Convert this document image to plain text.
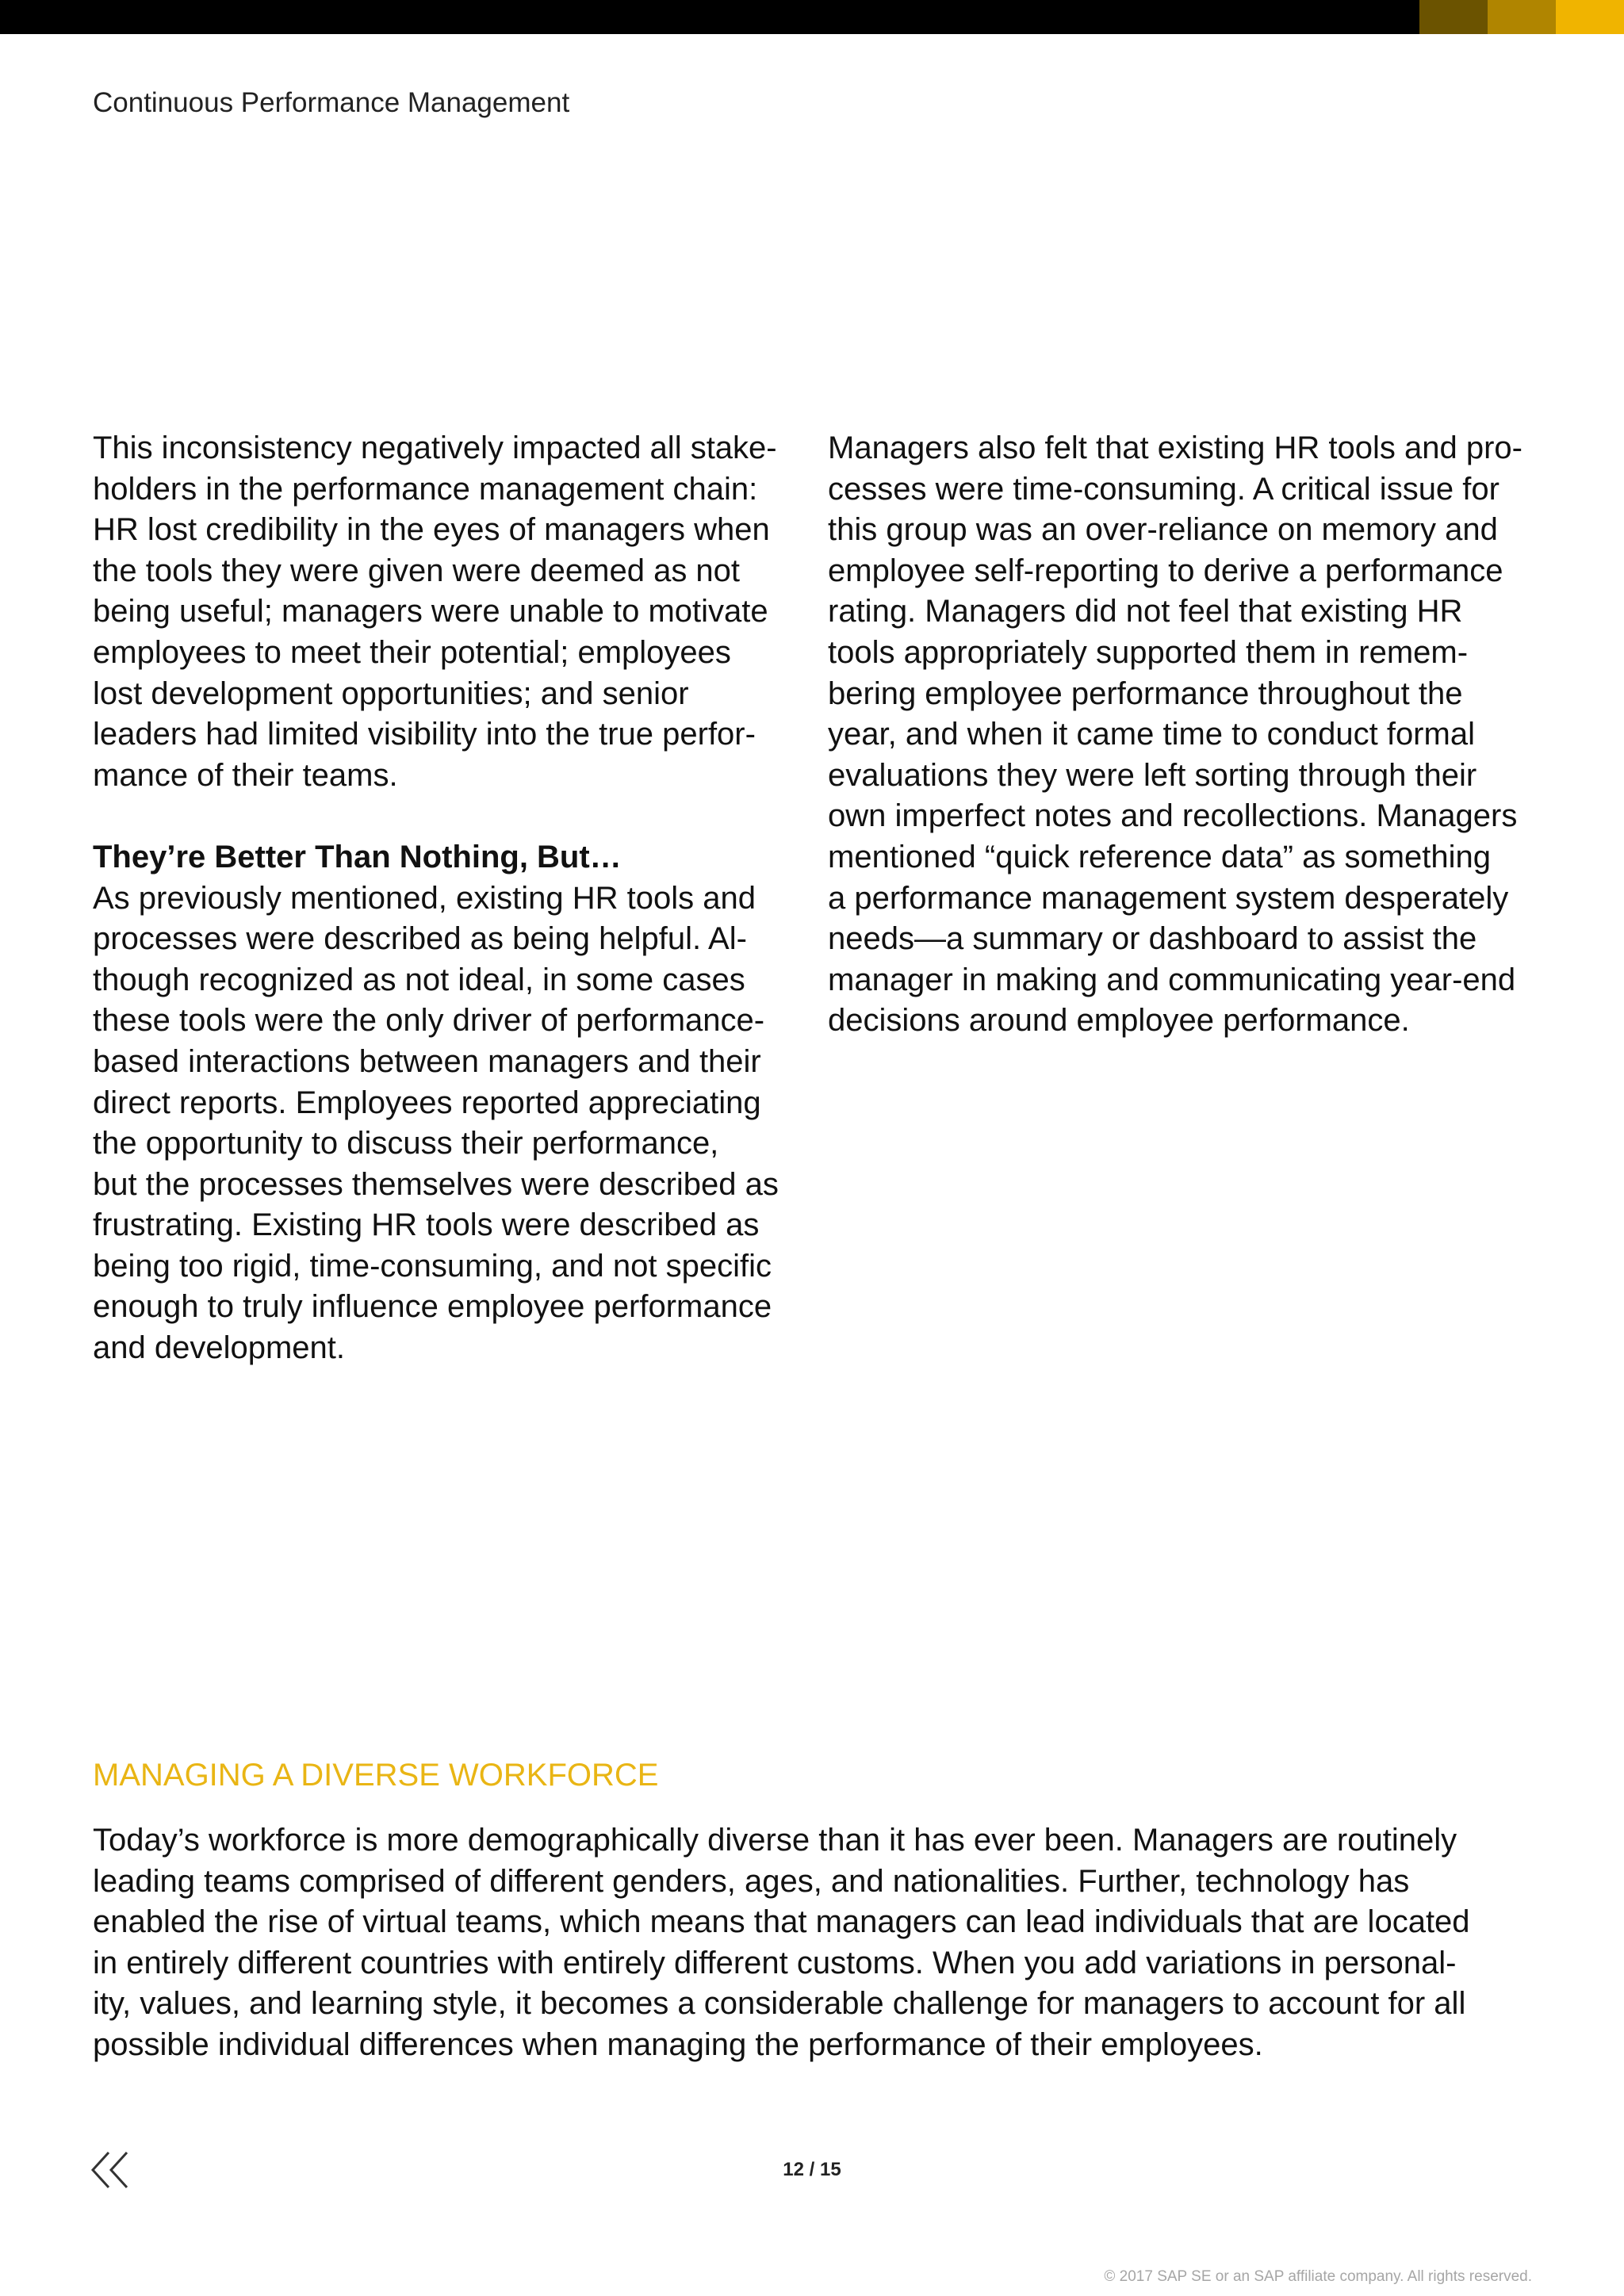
Continuous Performance Management
This inconsistency negatively impacted all stake-
holders in the performance management chain:
HR lost credibility in the eyes of managers when
the tools they were given were deemed as not
being useful; managers were unable to motivate
employees to meet their potential; employees
lost development opportunities; and senior
leaders had limited visibility into the true perfor-
mance of their teams.
They’re Better Than Nothing, But…
As previously mentioned, existing HR tools and
processes were described as being helpful. Al-
though recognized as not ideal, in some cases
these tools were the only driver of performance-
based interactions between managers and their
direct reports. Employees reported appreciating
the opportunity to discuss their performance,
but the processes themselves were described as
frustrating. Existing HR tools were described as
being too rigid, time-consuming, and not specific
enough to truly influence employee performance
and development.
Managers also felt that existing HR tools and pro-
cesses were time-consuming. A critical issue for
this group was an over-reliance on memory and
employee self-reporting to derive a performance
rating. Managers did not feel that existing HR
tools appropriately supported them in remem-
bering employee performance throughout the
year, and when it came time to conduct formal
evaluations they were left sorting through their
own imperfect notes and recollections. Managers
mentioned “quick reference data” as something
a performance management system desperately
needs—a summary or dashboard to assist the
manager in making and communicating year-end
decisions around employee performance.
MANAGING A DIVERSE WORKFORCE
Today’s workforce is more demographically diverse than it has ever been. Managers are routinely
leading teams comprised of different genders, ages, and nationalities. Further, technology has
enabled the rise of virtual teams, which means that managers can lead individuals that are located
in entirely different countries with entirely different customs. When you add variations in personal-
ity, values, and learning style, it becomes a considerable challenge for managers to account for all
possible individual differences when managing the performance of their employees.
12 / 15
© 2017 SAP SE or an SAP affiliate company. All rights reserved.
